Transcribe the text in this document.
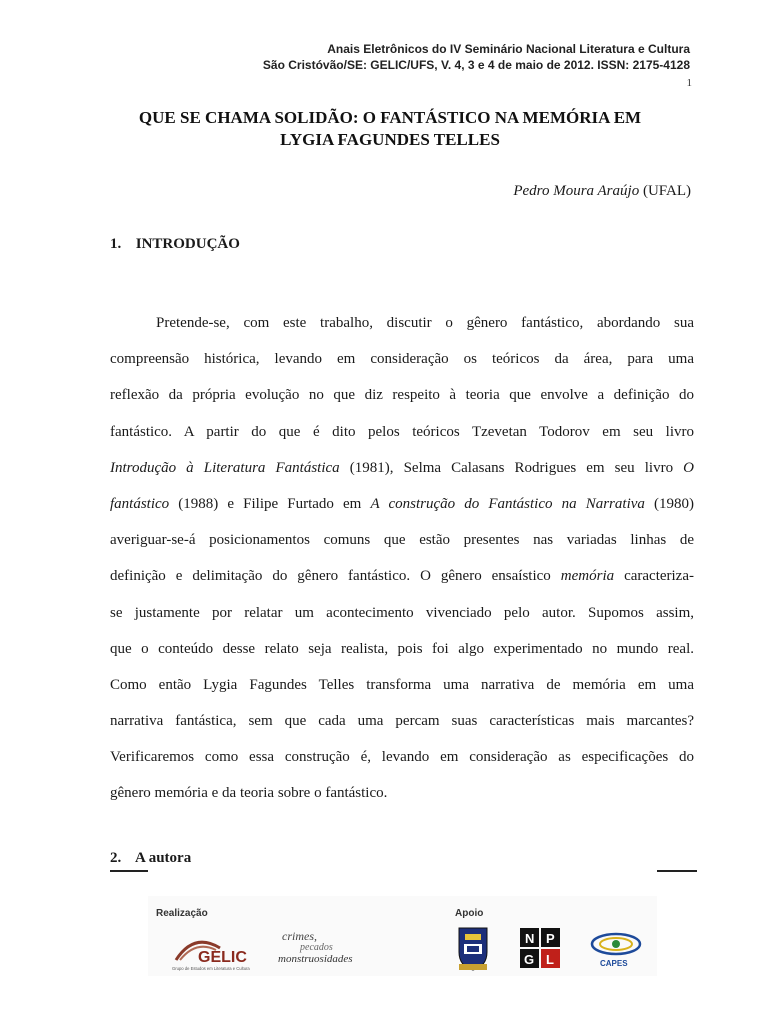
Anais Eletrônicos do IV Seminário Nacional Literatura e Cultura
São Cristóvão/SE: GELIC/UFS, V. 4, 3 e 4 de maio de 2012. ISSN: 2175-4128
1
QUE SE CHAMA SOLIDÃO: O FANTÁSTICO NA MEMÓRIA EM
LYGIA FAGUNDES TELLES
Pedro Moura Araújo (UFAL)
1. INTRODUÇÃO
Pretende-se, com este trabalho, discutir o gênero fantástico, abordando sua
compreensão histórica, levando em consideração os teóricos da área, para uma
reflexão da própria evolução no que diz respeito à teoria que envolve a definição do
fantástico. A partir do que é dito pelos teóricos Tzevetan Todorov em seu livro
Introdução à Literatura Fantástica (1981), Selma Calasans Rodrigues em seu livro O
fantástico (1988) e Filipe Furtado em A construção do Fantástico na Narrativa (1980)
averiguar-se-á posicionamentos comuns que estão presentes nas variadas linhas de
definição e delimitação do gênero fantástico. O gênero ensaístico memória caracteriza-
se justamente por relatar um acontecimento vivenciado pelo autor. Supomos assim,
que o conteúdo desse relato seja realista, pois foi algo experimentado no mundo real.
Como então Lygia Fagundes Telles transforma uma narrativa de memória em uma
narrativa fantástica, sem que cada uma percam suas características mais marcantes?
Verificaremos como essa construção é, levando em consideração as especificações do
gênero memória e da teoria sobre o fantástico.
2. A autora
Realização	Apoio
GELIC
Grupo de Estudos em Literatura e Cultura
crimes,
pecados
monstruosidades
N P
G L	CAPES
